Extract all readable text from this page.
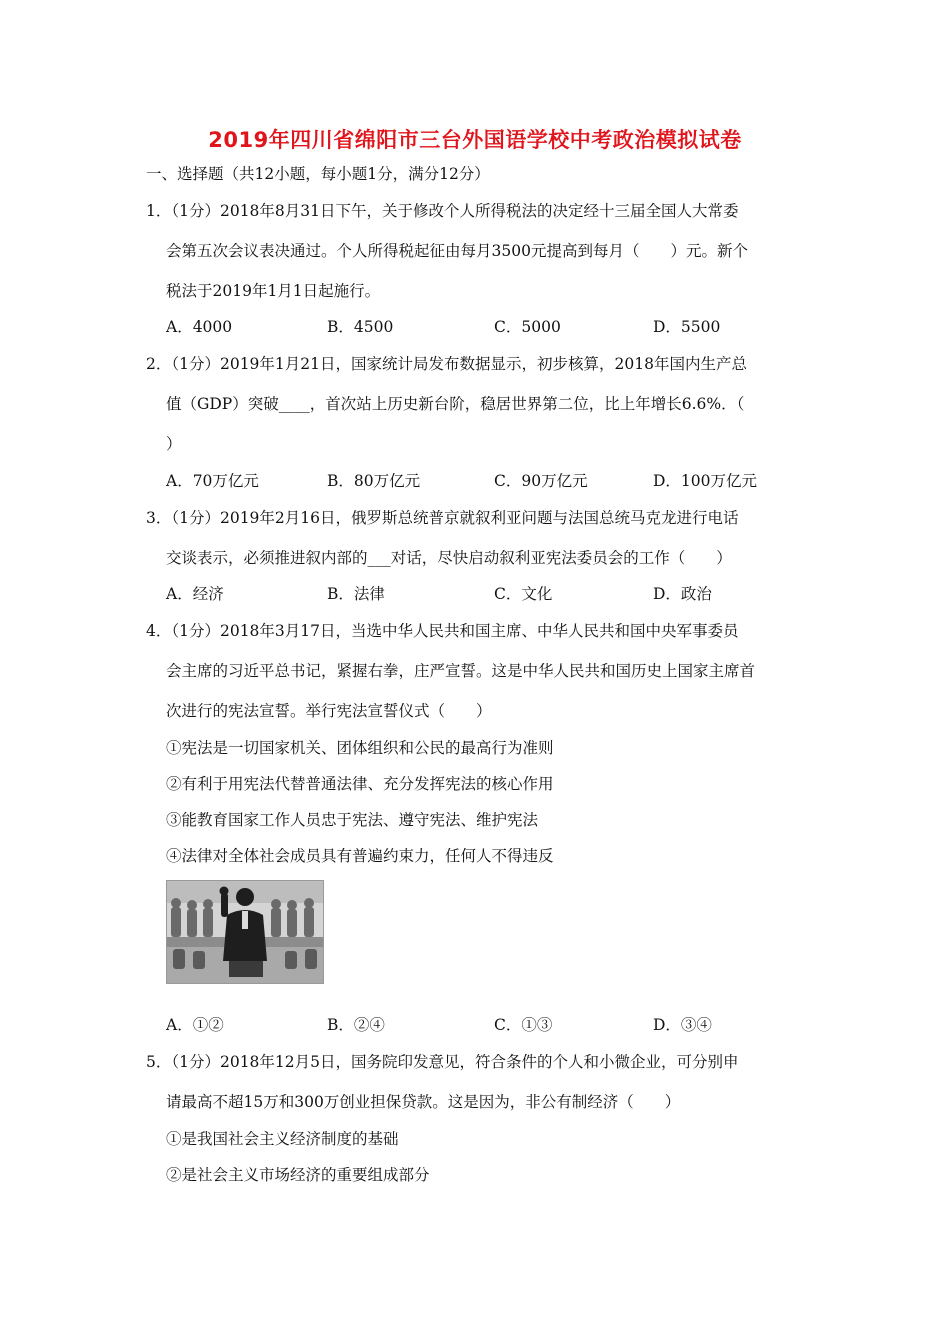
2019年四川省绵阳市三台外国语学校中考政治模拟试卷
一、选择题（共12小题，每小题1分，满分12分）
1．（1分）2018年8月31日下午，关于修改个人所得税法的决定经十三届全国人大常委
会第五次会议表决通过。个人所得税起征由每月3500元提高到每月（　　）元。新个
税法于2019年1月1日起施行。
A．4000	B．4500	C．5000	D．5500
2．（1分）2019年1月21日，国家统计局发布数据显示，初步核算，2018年国内生产总
值（GDP）突破____，首次站上历史新台阶，稳居世界第二位，比上年增长6.6%．（
）
A．70万亿元	B．80万亿元	C．90万亿元	D．100万亿元
3．（1分）2019年2月16日，俄罗斯总统普京就叙利亚问题与法国总统马克龙进行电话
交谈表示，必须推进叙内部的___对话，尽快启动叙利亚宪法委员会的工作（　　）
A．经济	B．法律	C．文化	D．政治
4．（1分）2018年3月17日，当选中华人民共和国主席、中华人民共和国中央军事委员
会主席的习近平总书记，紧握右拳，庄严宣誓。这是中华人民共和国历史上国家主席首
次进行的宪法宣誓。举行宪法宣誓仪式（　　）
①宪法是一切国家机关、团体组织和公民的最高行为准则
②有利于用宪法代替普通法律、充分发挥宪法的核心作用
③能教育国家工作人员忠于宪法、遵守宪法、维护宪法
④法律对全体社会成员具有普遍约束力，任何人不得违反
A．①②	B．②④	C．①③	D．③④
5．（1分）2018年12月5日，国务院印发意见，符合条件的个人和小微企业，可分别申
请最高不超15万和300万创业担保贷款。这是因为，非公有制经济（　　）
①是我国社会主义经济制度的基础
②是社会主义市场经济的重要组成部分
